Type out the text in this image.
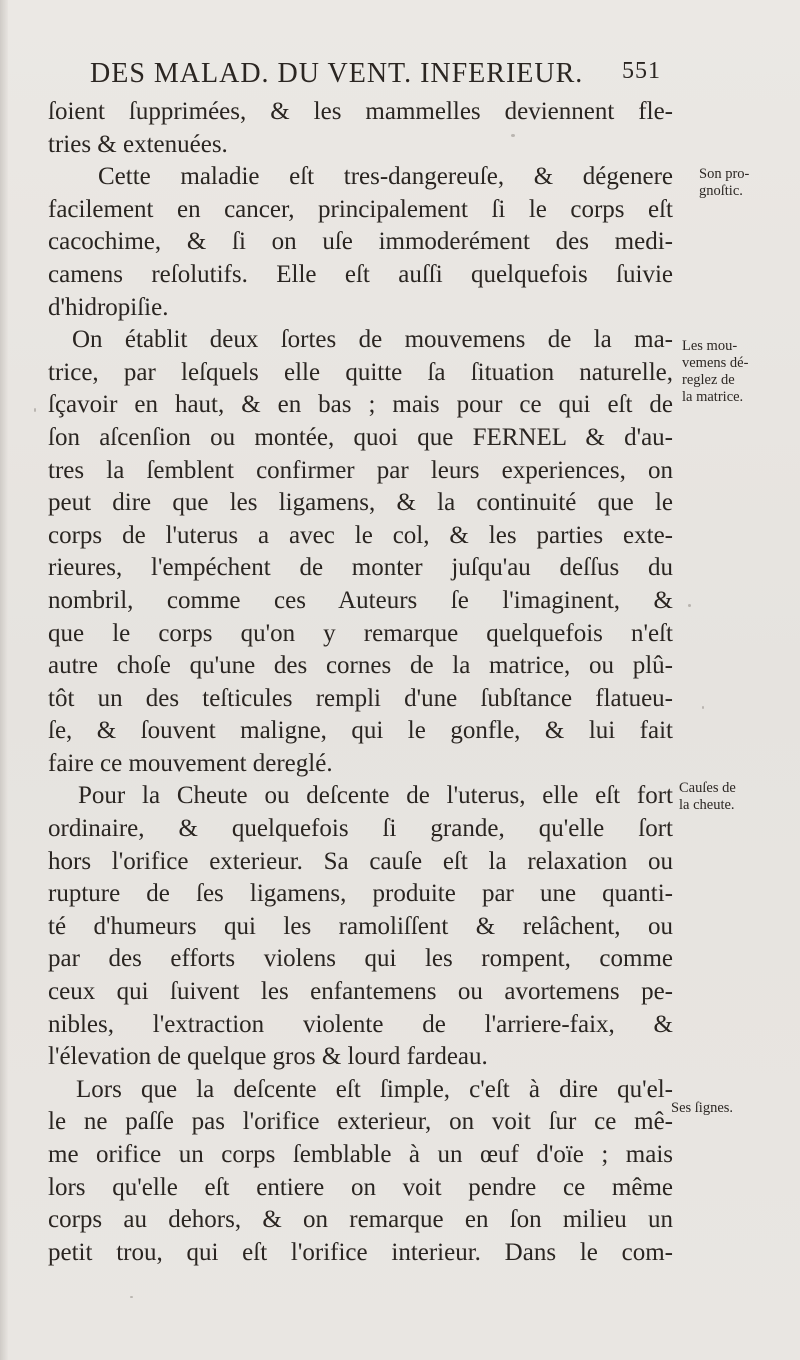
DES MALAD. DU VENT. INFERIEUR. 551
ſoient ſupprimées, & les mammelles deviennent fle-
tries & extenuées.
Cette maladie eſt tres-dangereuſe, & dégenere
facilement en cancer, principalement ſi le corps eſt
cacochime, & ſi on uſe immoderément des medi-
camens reſolutifs. Elle eſt auſſi quelquefois ſuivie
d'hidropiſie.
On établit deux ſortes de mouvemens de la ma-
trice, par leſquels elle quitte ſa ſituation naturelle,
ſçavoir en haut, & en bas ; mais pour ce qui eſt de
ſon aſcenſion ou montée, quoi que FERNEL & d'au-
tres la ſemblent confirmer par leurs experiences, on
peut dire que les ligamens, & la continuité que le
corps de l'uterus a avec le col, & les parties exte-
rieures, l'empéchent de monter juſqu'au deſſus du
nombril, comme ces Auteurs ſe l'imaginent, &
que le corps qu'on y remarque quelquefois n'eſt
autre choſe qu'une des cornes de la matrice, ou plû-
tôt un des teſticules rempli d'une ſubſtance flatueu-
ſe, & ſouvent maligne, qui le gonfle, & lui fait
faire ce mouvement dereglé.
Pour la Cheute ou deſcente de l'uterus, elle eſt fort
ordinaire, & quelquefois ſi grande, qu'elle ſort
hors l'orifice exterieur. Sa cauſe eſt la relaxation ou
rupture de ſes ligamens, produite par une quanti-
té d'humeurs qui les ramoliſſent & relâchent, ou
par des efforts violens qui les rompent, comme
ceux qui ſuivent les enfantemens ou avortemens pe-
nibles, l'extraction violente de l'arriere-faix, &
l'élevation de quelque gros & lourd fardeau.
Lors que la deſcente eſt ſimple, c'eſt à dire qu'el-
le ne paſſe pas l'orifice exterieur, on voit ſur ce mê-
me orifice un corps ſemblable à un œuf d'oïe ; mais
lors qu'elle eſt entiere on voit pendre ce même
corps au dehors, & on remarque en ſon milieu un
petit trou, qui eſt l'orifice interieur. Dans le com-
Son pro-
gnoſtic.
Les mou-
vemens dé-
reglez de
la matrice.
Cauſes de
la cheute.
Ses ſignes.
